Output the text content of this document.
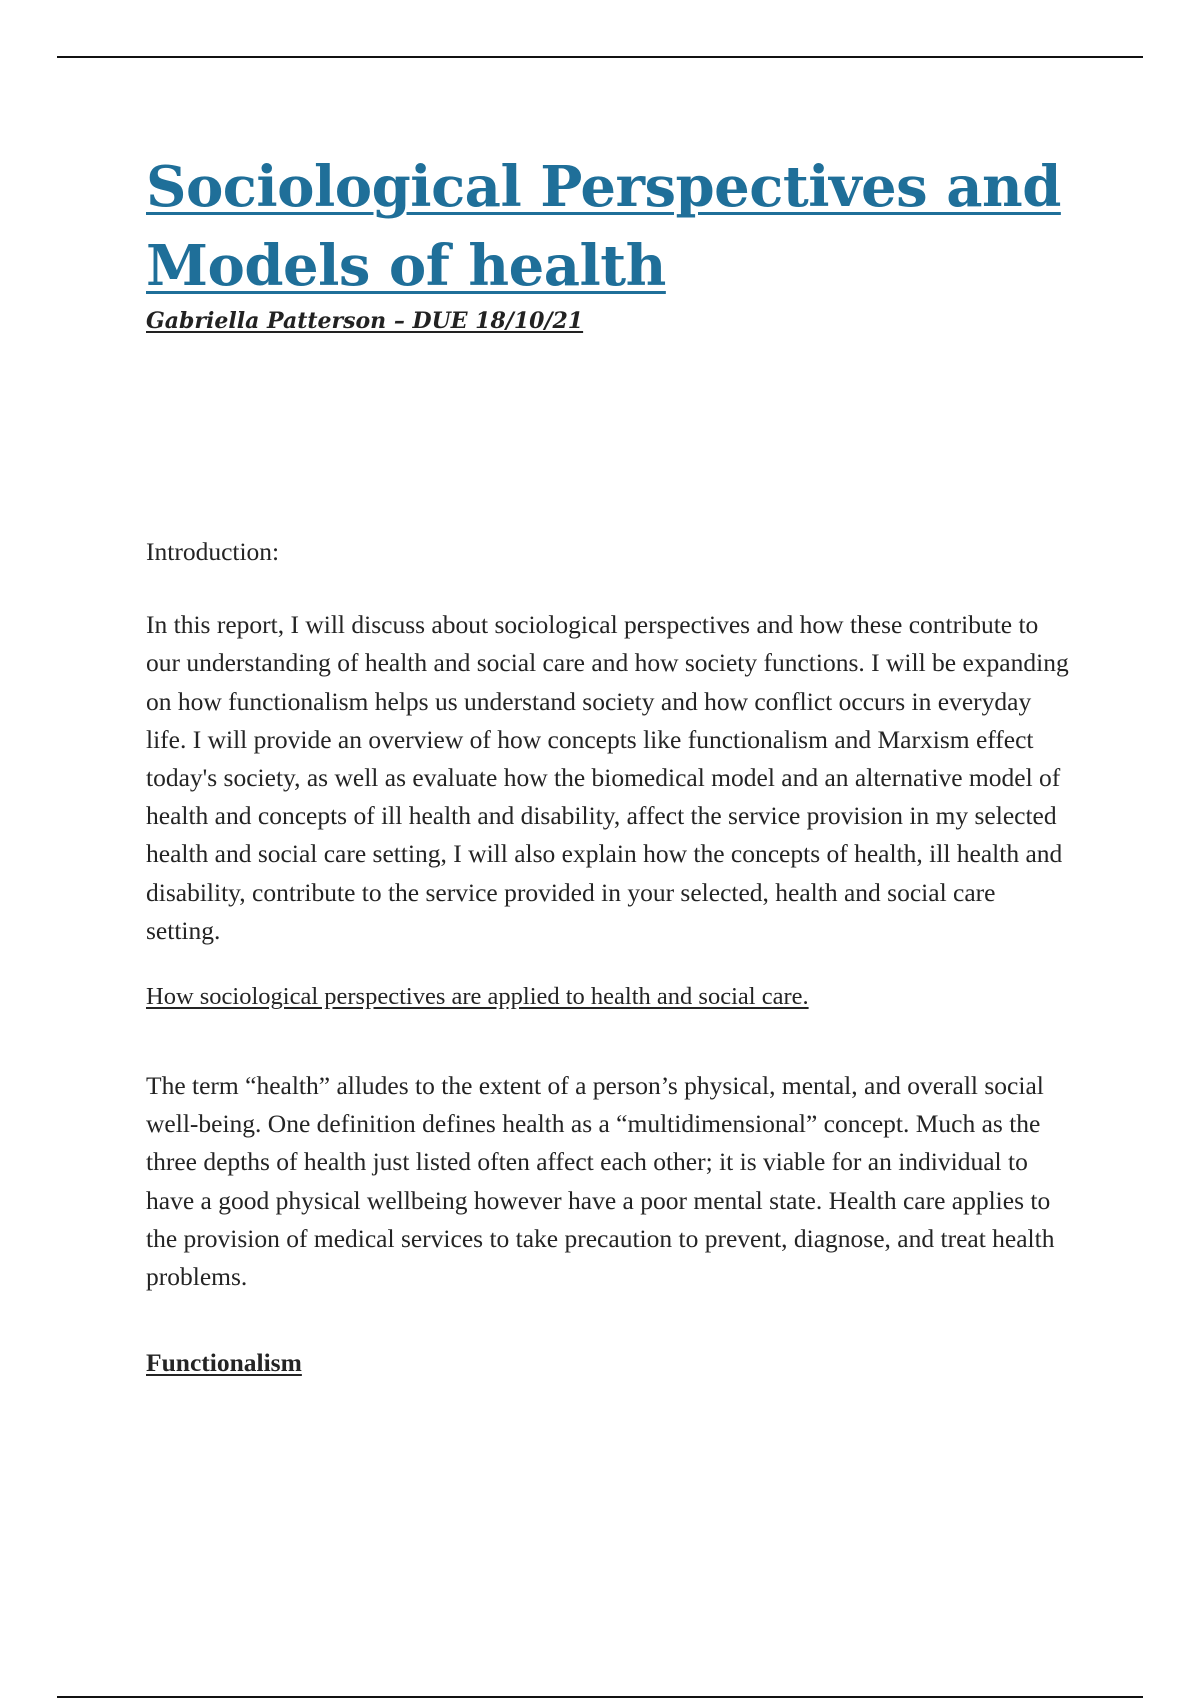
Sociological Perspectives and Models of health

Gabriella Patterson – DUE 18/10/21

Introduction:

In this report, I will discuss about sociological perspectives and how these contribute to our understanding of health and social care and how society functions. I will be expanding on how functionalism helps us understand society and how conflict occurs in everyday life. I will provide an overview of how concepts like functionalism and Marxism effect today's society, as well as evaluate how the biomedical model and an alternative model of health and concepts of ill health and disability, affect the service provision in my selected health and social care setting, I will also explain how the concepts of health, ill health and disability, contribute to the service provided in your selected, health and social care setting.

How sociological perspectives are applied to health and social care.

The term “health” alludes to the extent of a person’s physical, mental, and overall social well-being. One definition defines health as a “multidimensional” concept. Much as the three depths of health just listed often affect each other; it is viable for an individual to have a good physical wellbeing however have a poor mental state. Health care applies to the provision of medical services to take precaution to prevent, diagnose, and treat health problems.

Functionalism
